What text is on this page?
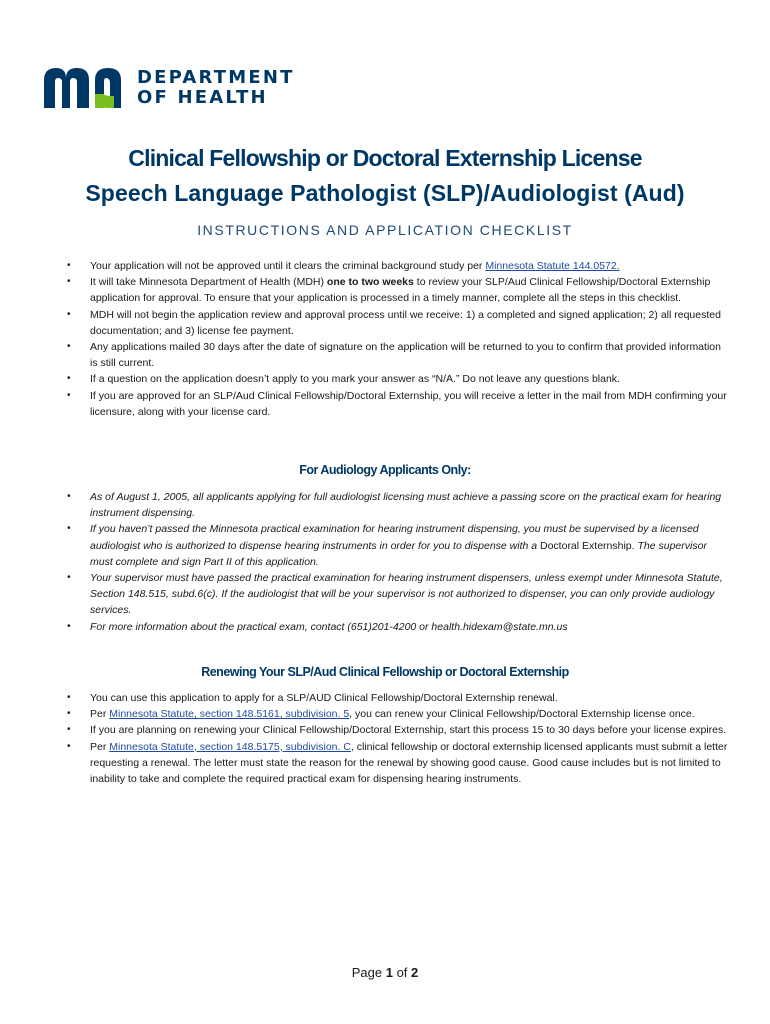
DEPARTMENT
OF HEALTH
Clinical Fellowship or Doctoral Externship License
Speech Language Pathologist (SLP)/Audiologist (Aud)
INSTRUCTIONS AND APPLICATION CHECKLIST
• Your application will not be approved until it clears the criminal background study per Minnesota Statute 144.0572.
• It will take Minnesota Department of Health (MDH) one to two weeks to review your SLP/Aud Clinical Fellowship/Doctoral Externship application for approval. To ensure that your application is processed in a timely manner, complete all the steps in this checklist.
• MDH will not begin the application review and approval process until we receive: 1) a completed and signed application; 2) all requested documentation; and 3) license fee payment.
• Any applications mailed 30 days after the date of signature on the application will be returned to you to confirm that provided information is still current.
• If a question on the application doesn’t apply to you mark your answer as “N/A.” Do not leave any questions blank.
• If you are approved for an SLP/Aud Clinical Fellowship/Doctoral Externship, you will receive a letter in the mail from MDH confirming your licensure, along with your license card.
For Audiology Applicants Only:
• As of August 1, 2005, all applicants applying for full audiologist licensing must achieve a passing score on the practical exam for hearing instrument dispensing.
• If you haven’t passed the Minnesota practical examination for hearing instrument dispensing, you must be supervised by a licensed audiologist who is authorized to dispense hearing instruments in order for you to dispense with a Doctoral Externship. The supervisor must complete and sign Part II of this application.
• Your supervisor must have passed the practical examination for hearing instrument dispensers, unless exempt under Minnesota Statute, Section 148.515, subd.6(c). If the audiologist that will be your supervisor is not authorized to dispenser, you can only provide audiology services.
• For more information about the practical exam, contact (651)201-4200 or health.hidexam@state.mn.us
Renewing Your SLP/Aud Clinical Fellowship or Doctoral Externship
• You can use this application to apply for a SLP/AUD Clinical Fellowship/Doctoral Externship renewal.
• Per Minnesota Statute, section 148.5161, subdivision. 5, you can renew your Clinical Fellowship/Doctoral Externship license once.
• If you are planning on renewing your Clinical Fellowship/Doctoral Externship, start this process 15 to 30 days before your license expires.
• Per Minnesota Statute, section 148.5175, subdivision. C, clinical fellowship or doctoral externship licensed applicants must submit a letter requesting a renewal. The letter must state the reason for the renewal by showing good cause. Good cause includes but is not limited to inability to take and complete the required practical exam for dispensing hearing instruments.
Page 1 of 2
